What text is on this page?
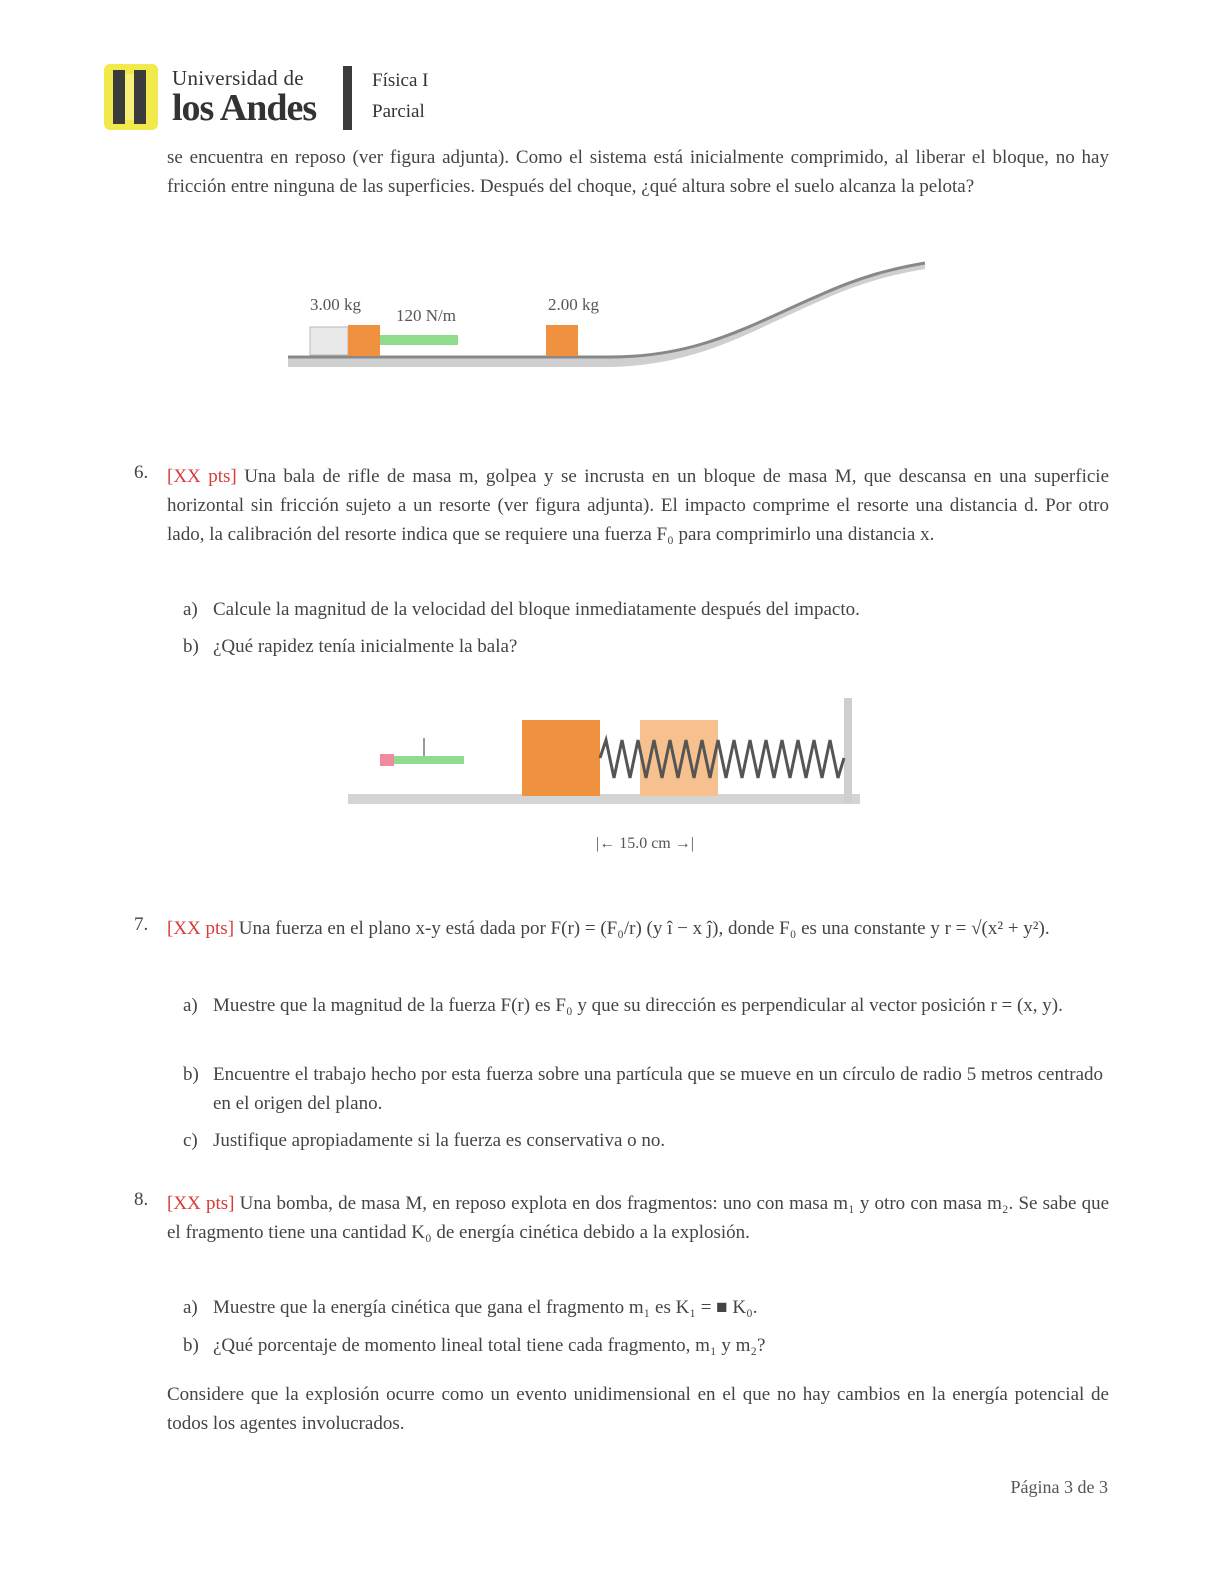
Universidad de
los Andes
Física I
Parcial

se encuentra en reposo (ver figura adjunta). Como el sistema está inicialmente comprimido, al liberar el bloque, no hay fricción entre ninguna de las superficies. Después del choque, ¿qué altura sobre el suelo alcanza la pelota?

3.00 kg
120 N/m
2.00 kg
6. [XX pts] Una bala de rifle de masa m, golpea y se incrusta en un bloque de masa M, que descansa en una superficie horizontal sin fricción sujeto a un resorte (ver figura adjunta). El impacto comprime el resorte una distancia d. Por otro lado, la calibración del resorte indica que se requiere una fuerza F₀ para comprimirlo una distancia x.

a) Calcule la magnitud de la velocidad del bloque inmediatamente después del impacto.
b) ¿Qué rapidez tenía inicialmente la bala?
|← 15.0 cm →|
7. [XX pts] Una fuerza en el plano x-y está dada por F(r) = (F₀/r) (y î − x ĵ), donde F₀ es una constante y r = √(x² + y²).

a) Muestre que la magnitud de la fuerza F(r) es F₀ y que su dirección es perpendicular al vector posición r = (x, y).
b) Encuentre el trabajo hecho por esta fuerza sobre una partícula que se mueve en un círculo de radio 5 metros centrado en el origen del plano.
c) Justifique apropiadamente si la fuerza es conservativa o no.
8. [XX pts] Una bomba, de masa M, en reposo explota en dos fragmentos: uno con masa m₁ y otro con masa m₂. Se sabe que el fragmento tiene una cantidad K₀ de energía cinética debido a la explosión.

a) Muestre que la energía cinética que gana el fragmento m₁ es K₁ = ■ K₀.
b) ¿Qué porcentaje de momento lineal total tiene cada fragmento, m₁ y m₂?

Considere que la explosión ocurre como un evento unidimensional en el que no hay cambios en la energía potencial de todos los agentes involucrados.

Página 3 de 3
